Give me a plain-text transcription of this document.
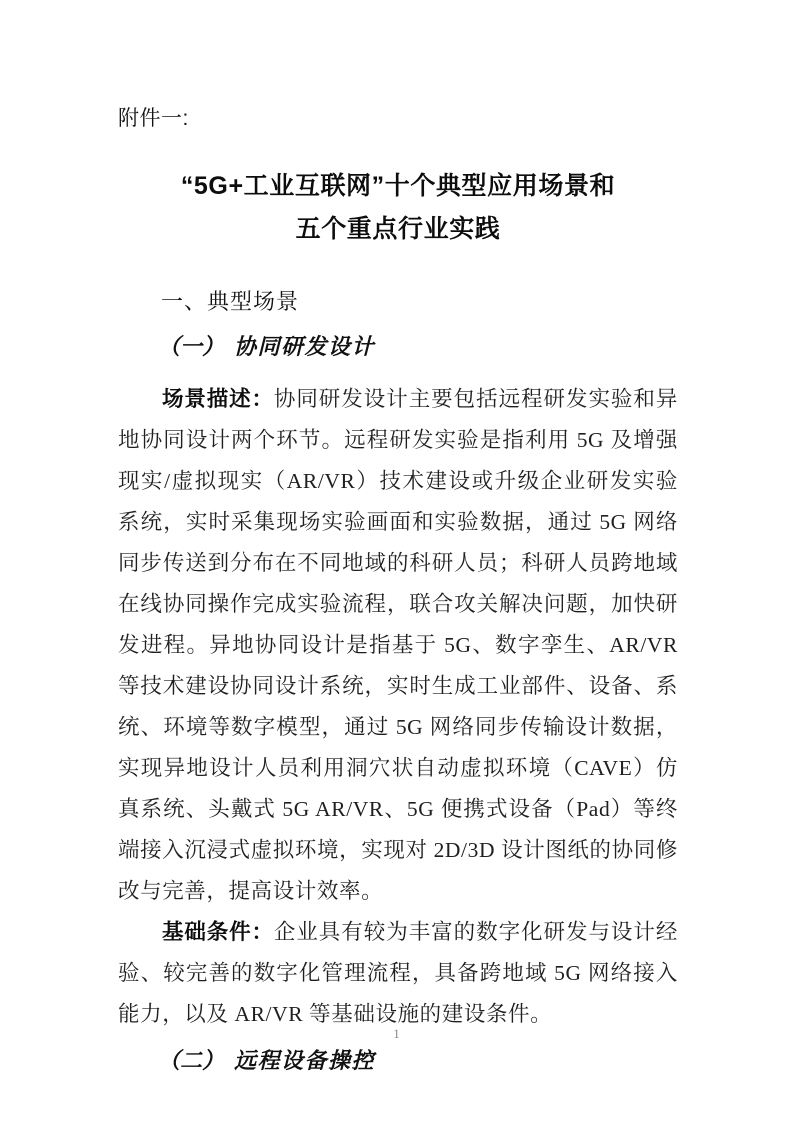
附件一:
“5G+工业互联网”十个典型应用场景和
五个重点行业实践
一、典型场景
（一） 协同研发设计

场景描述：协同研发设计主要包括远程研发实验和异地协同设计两个环节。远程研发实验是指利用 5G 及增强现实/虚拟现实（AR/VR）技术建设或升级企业研发实验系统，实时采集现场实验画面和实验数据，通过 5G 网络同步传送到分布在不同地域的科研人员；科研人员跨地域在线协同操作完成实验流程，联合攻关解决问题，加快研发进程。异地协同设计是指基于 5G、数字孪生、AR/VR 等技术建设协同设计系统，实时生成工业部件、设备、系统、环境等数字模型，通过 5G 网络同步传输设计数据，实现异地设计人员利用洞穴状自动虚拟环境（CAVE）仿真系统、头戴式 5G AR/VR、5G 便携式设备（Pad）等终端接入沉浸式虚拟环境，实现对 2D/3D 设计图纸的协同修改与完善，提高设计效率。

基础条件：企业具有较为丰富的数字化研发与设计经验、较完善的数字化管理流程，具备跨地域 5G 网络接入能力，以及 AR/VR 等基础设施的建设条件。

（二） 远程设备操控
1
